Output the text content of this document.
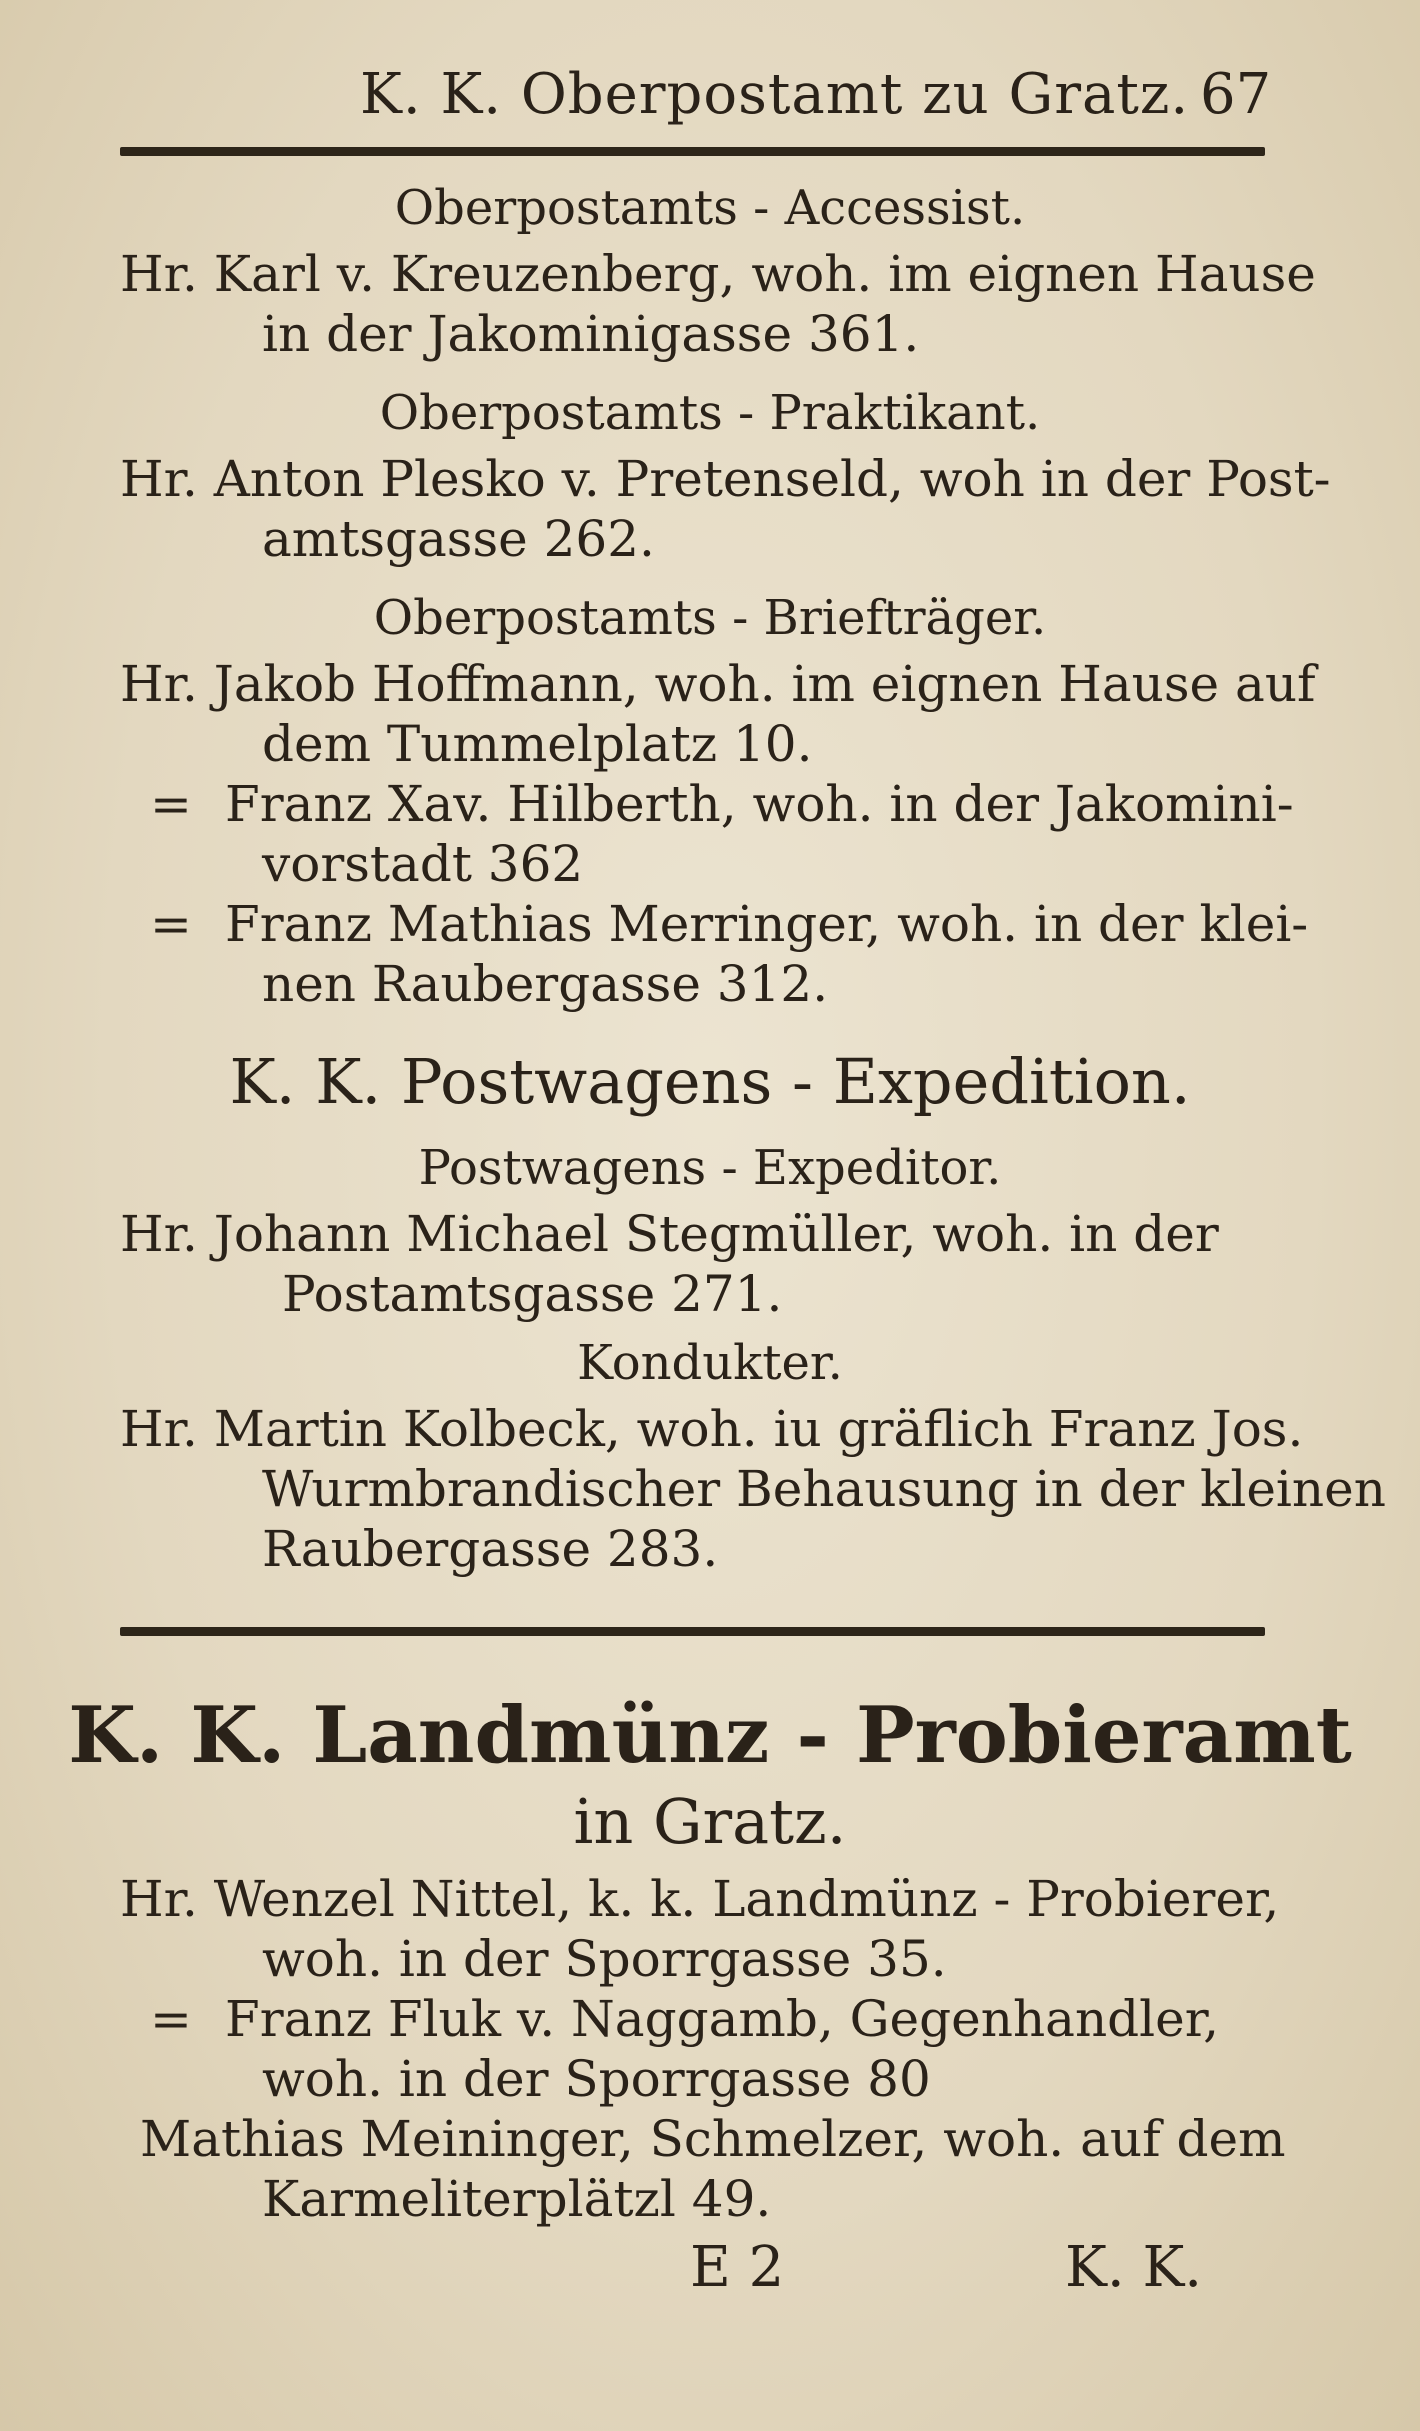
K. K. Oberpostamt zu Gratz. 67
Oberpostamts - Accessist.
Hr. Karl v. Kreuzenberg, woh. im eignen Hause
in der Jakominigasse 361.
Oberpostamts - Praktikant.
Hr. Anton Plesko v. Pretenseld, woh in der Post-
amtsgasse 262.
Oberpostamts - Briefträger.
Hr. Jakob Hoffmann, woh. im eignen Hause auf
dem Tummelplatz 10.
= Franz Xav. Hilberth, woh. in der Jakomini-
vorstadt 362
= Franz Mathias Merringer, woh. in der klei-
nen Raubergasse 312.
K. K. Postwagens - Expedition.
Postwagens - Expeditor.
Hr. Johann Michael Stegmüller, woh. in der
Postamtsgasse 271.
Kondukter.
Hr. Martin Kolbeck, woh. iu gräflich Franz Jos.
Wurmbrandischer Behausung in der kleinen
Raubergasse 283.
K. K. Landmünz - Probieramt
in Gratz.
Hr. Wenzel Nittel, k. k. Landmünz - Probierer,
woh. in der Sporrgasse 35.
= Franz Fluk v. Naggamb, Gegenhandler,
woh. in der Sporrgasse 80
Mathias Meininger, Schmelzer, woh. auf dem
Karmeliterplätzl 49.
E 2	K. K.
